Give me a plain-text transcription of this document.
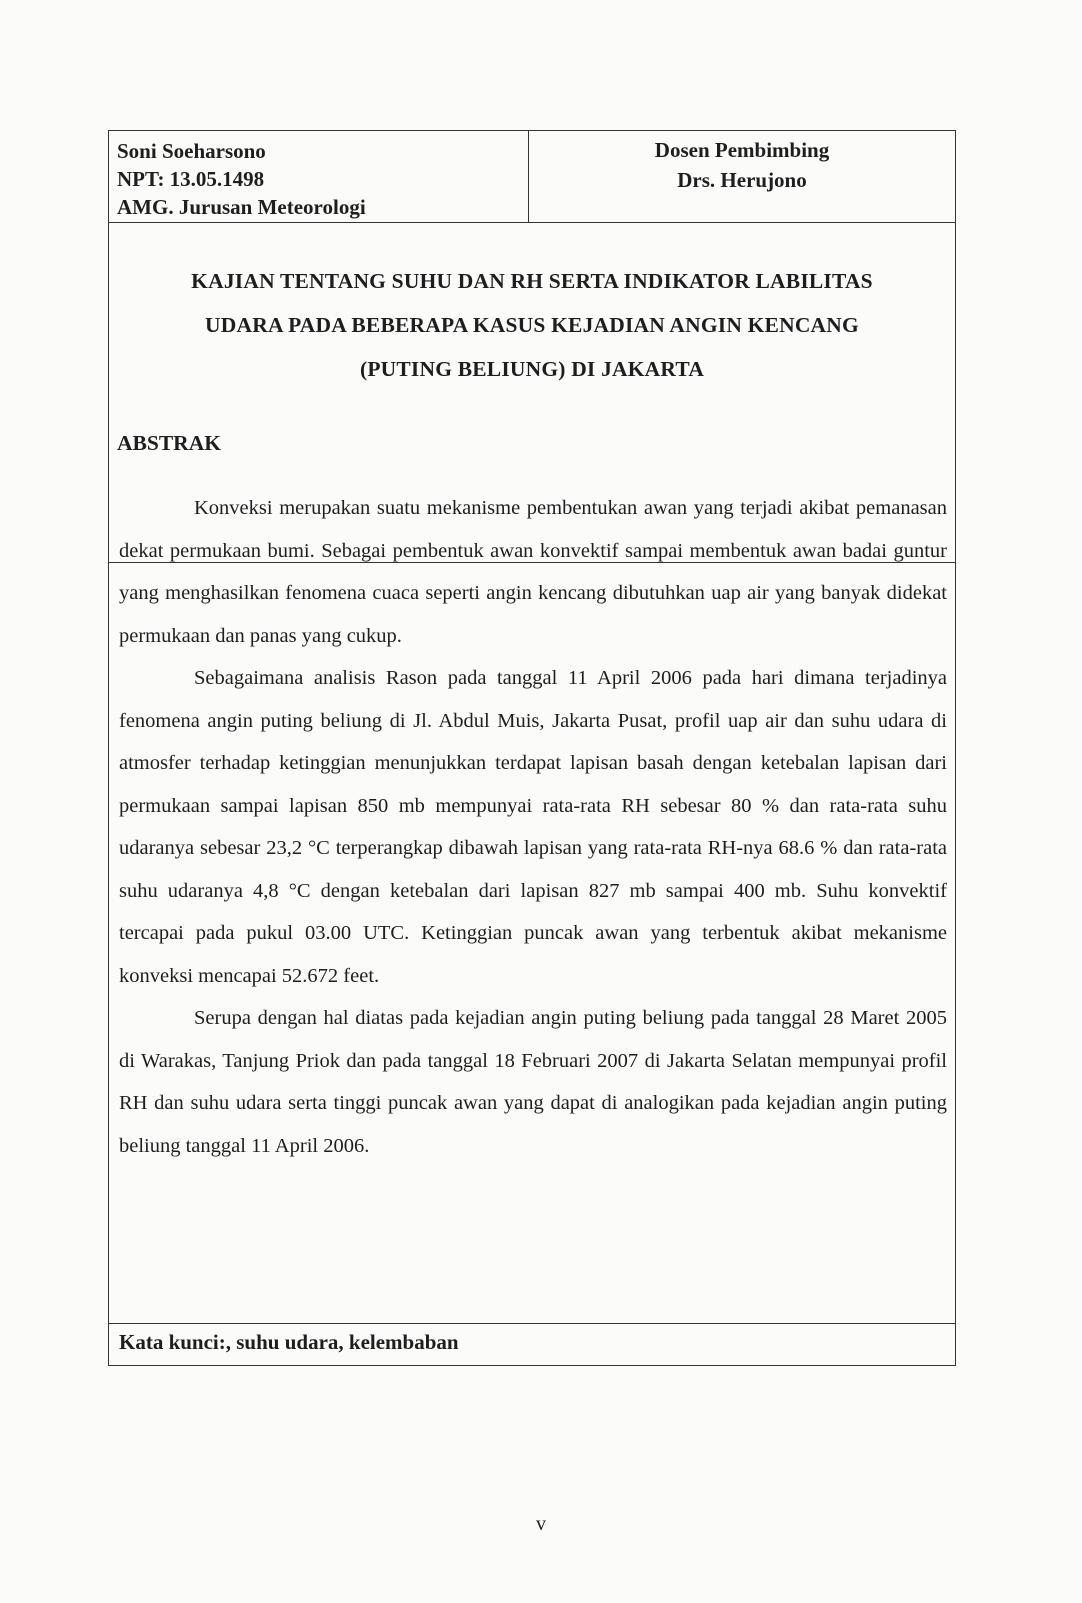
Soni Soeharsono
NPT: 13.05.1498
AMG. Jurusan Meteorologi
Dosen Pembimbing
Drs. Herujono
KAJIAN TENTANG SUHU DAN RH SERTA INDIKATOR LABILITAS
UDARA PADA BEBERAPA KASUS KEJADIAN ANGIN KENCANG
(PUTING BELIUNG) DI JAKARTA
ABSTRAK

Konveksi merupakan suatu mekanisme pembentukan awan yang terjadi akibat pemanasan dekat permukaan bumi. Sebagai pembentuk awan konvektif sampai membentuk awan badai guntur yang menghasilkan fenomena cuaca seperti angin kencang dibutuhkan uap air yang banyak didekat permukaan dan panas yang cukup.

Sebagaimana analisis Rason pada tanggal 11 April 2006 pada hari dimana terjadinya fenomena angin puting beliung di Jl. Abdul Muis, Jakarta Pusat, profil uap air dan suhu udara di atmosfer terhadap ketinggian menunjukkan terdapat lapisan basah dengan ketebalan lapisan dari permukaan sampai lapisan 850 mb mempunyai rata-rata RH sebesar 80 % dan rata-rata suhu udaranya sebesar 23,2 °C terperangkap dibawah lapisan yang rata-rata RH-nya 68.6 % dan rata-rata suhu udaranya 4,8 °C dengan ketebalan dari lapisan 827 mb sampai 400 mb. Suhu konvektif tercapai pada pukul 03.00 UTC. Ketinggian puncak awan yang terbentuk akibat mekanisme konveksi mencapai 52.672 feet.

Serupa dengan hal diatas pada kejadian angin puting beliung pada tanggal 28 Maret 2005 di Warakas, Tanjung Priok dan pada tanggal 18 Februari 2007 di Jakarta Selatan mempunyai profil RH dan suhu udara serta tinggi puncak awan yang dapat di analogikan pada kejadian angin puting beliung tanggal 11 April 2006.

Kata kunci:, suhu udara, kelembaban
v
